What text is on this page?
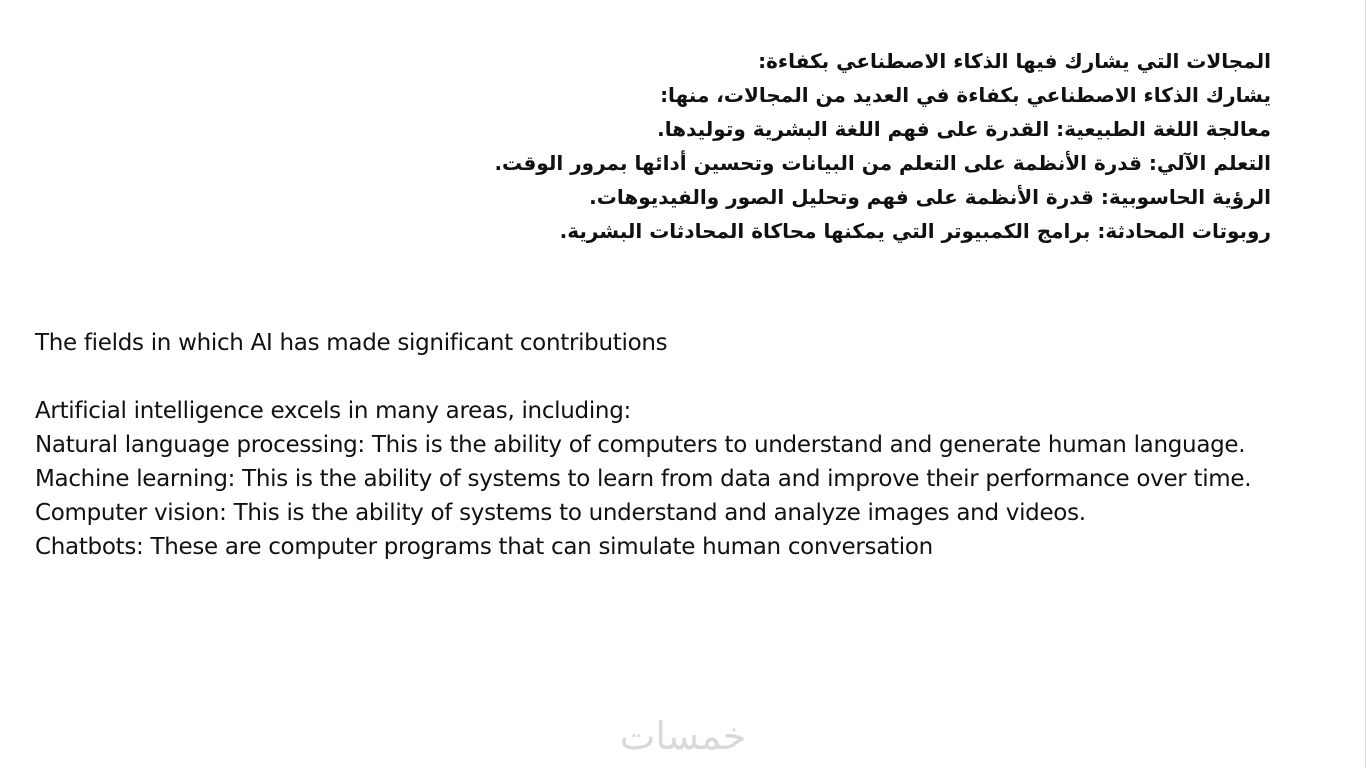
المجالات التي يشارك فيها الذكاء الاصطناعي بكفاءة:
يشارك الذكاء الاصطناعي بكفاءة في العديد من المجالات، منها:
معالجة اللغة الطبيعية: القدرة على فهم اللغة البشرية وتوليدها.
التعلم الآلي: قدرة الأنظمة على التعلم من البيانات وتحسين أدائها بمرور الوقت.
الرؤية الحاسوبية: قدرة الأنظمة على فهم وتحليل الصور والفيديوهات.
روبوتات المحادثة: برامج الكمبيوتر التي يمكنها محاكاة المحادثات البشرية.
The fields in which AI has made significant contributions
Artificial intelligence excels in many areas, including:
Natural language processing: This is the ability of computers to understand and generate human language.
Machine learning: This is the ability of systems to learn from data and improve their performance over time.
Computer vision: This is the ability of systems to understand and analyze images and videos.
Chatbots: These are computer programs that can simulate human conversation
خمسات
